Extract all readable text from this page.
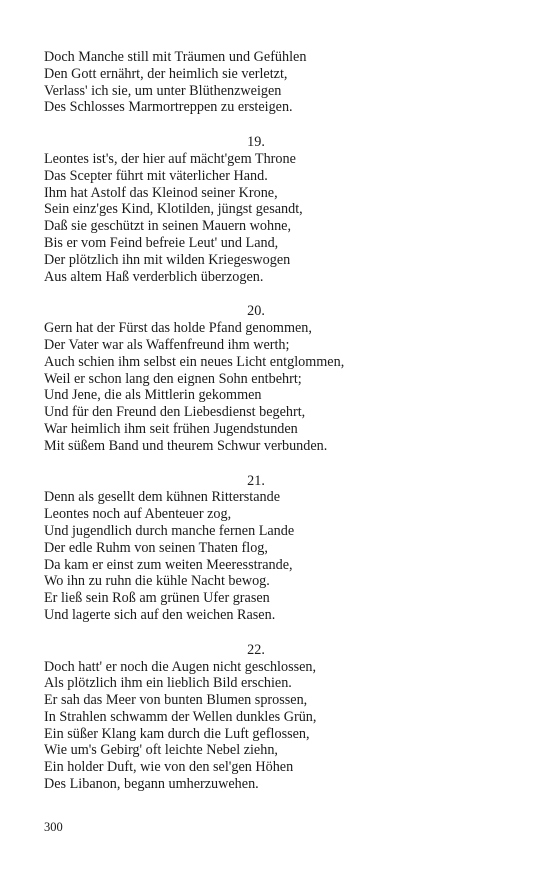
Doch Manche still mit Träumen und Gefühlen
Den Gott ernährt, der heimlich sie verletzt,
Verlass' ich sie, um unter Blüthenzweigen
Des Schlosses Marmortreppen zu ersteigen.
19.
Leontes ist's, der hier auf mächt'gem Throne
Das Scepter führt mit väterlicher Hand.
Ihm hat Astolf das Kleinod seiner Krone,
Sein einz'ges Kind, Klotilden, jüngst gesandt,
Daß sie geschützt in seinen Mauern wohne,
Bis er vom Feind befreie Leut' und Land,
Der plötzlich ihn mit wilden Kriegeswogen
Aus altem Haß verderblich überzogen.
20.
Gern hat der Fürst das holde Pfand genommen,
Der Vater war als Waffenfreund ihm werth;
Auch schien ihm selbst ein neues Licht entglommen,
Weil er schon lang den eignen Sohn entbehrt;
Und Jene, die als Mittlerin gekommen
Und für den Freund den Liebesdienst begehrt,
War heimlich ihm seit frühen Jugendstunden
Mit süßem Band und theurem Schwur verbunden.
21.
Denn als gesellt dem kühnen Ritterstande
Leontes noch auf Abenteuer zog,
Und jugendlich durch manche fernen Lande
Der edle Ruhm von seinen Thaten flog,
Da kam er einst zum weiten Meeresstrande,
Wo ihn zu ruhn die kühle Nacht bewog.
Er ließ sein Roß am grünen Ufer grasen
Und lagerte sich auf den weichen Rasen.
22.
Doch hatt' er noch die Augen nicht geschlossen,
Als plötzlich ihm ein lieblich Bild erschien.
Er sah das Meer von bunten Blumen sprossen,
In Strahlen schwamm der Wellen dunkles Grün,
Ein süßer Klang kam durch die Luft geflossen,
Wie um's Gebirg' oft leichte Nebel ziehn,
Ein holder Duft, wie von den sel'gen Höhen
Des Libanon, begann umherzuwehen.
300
